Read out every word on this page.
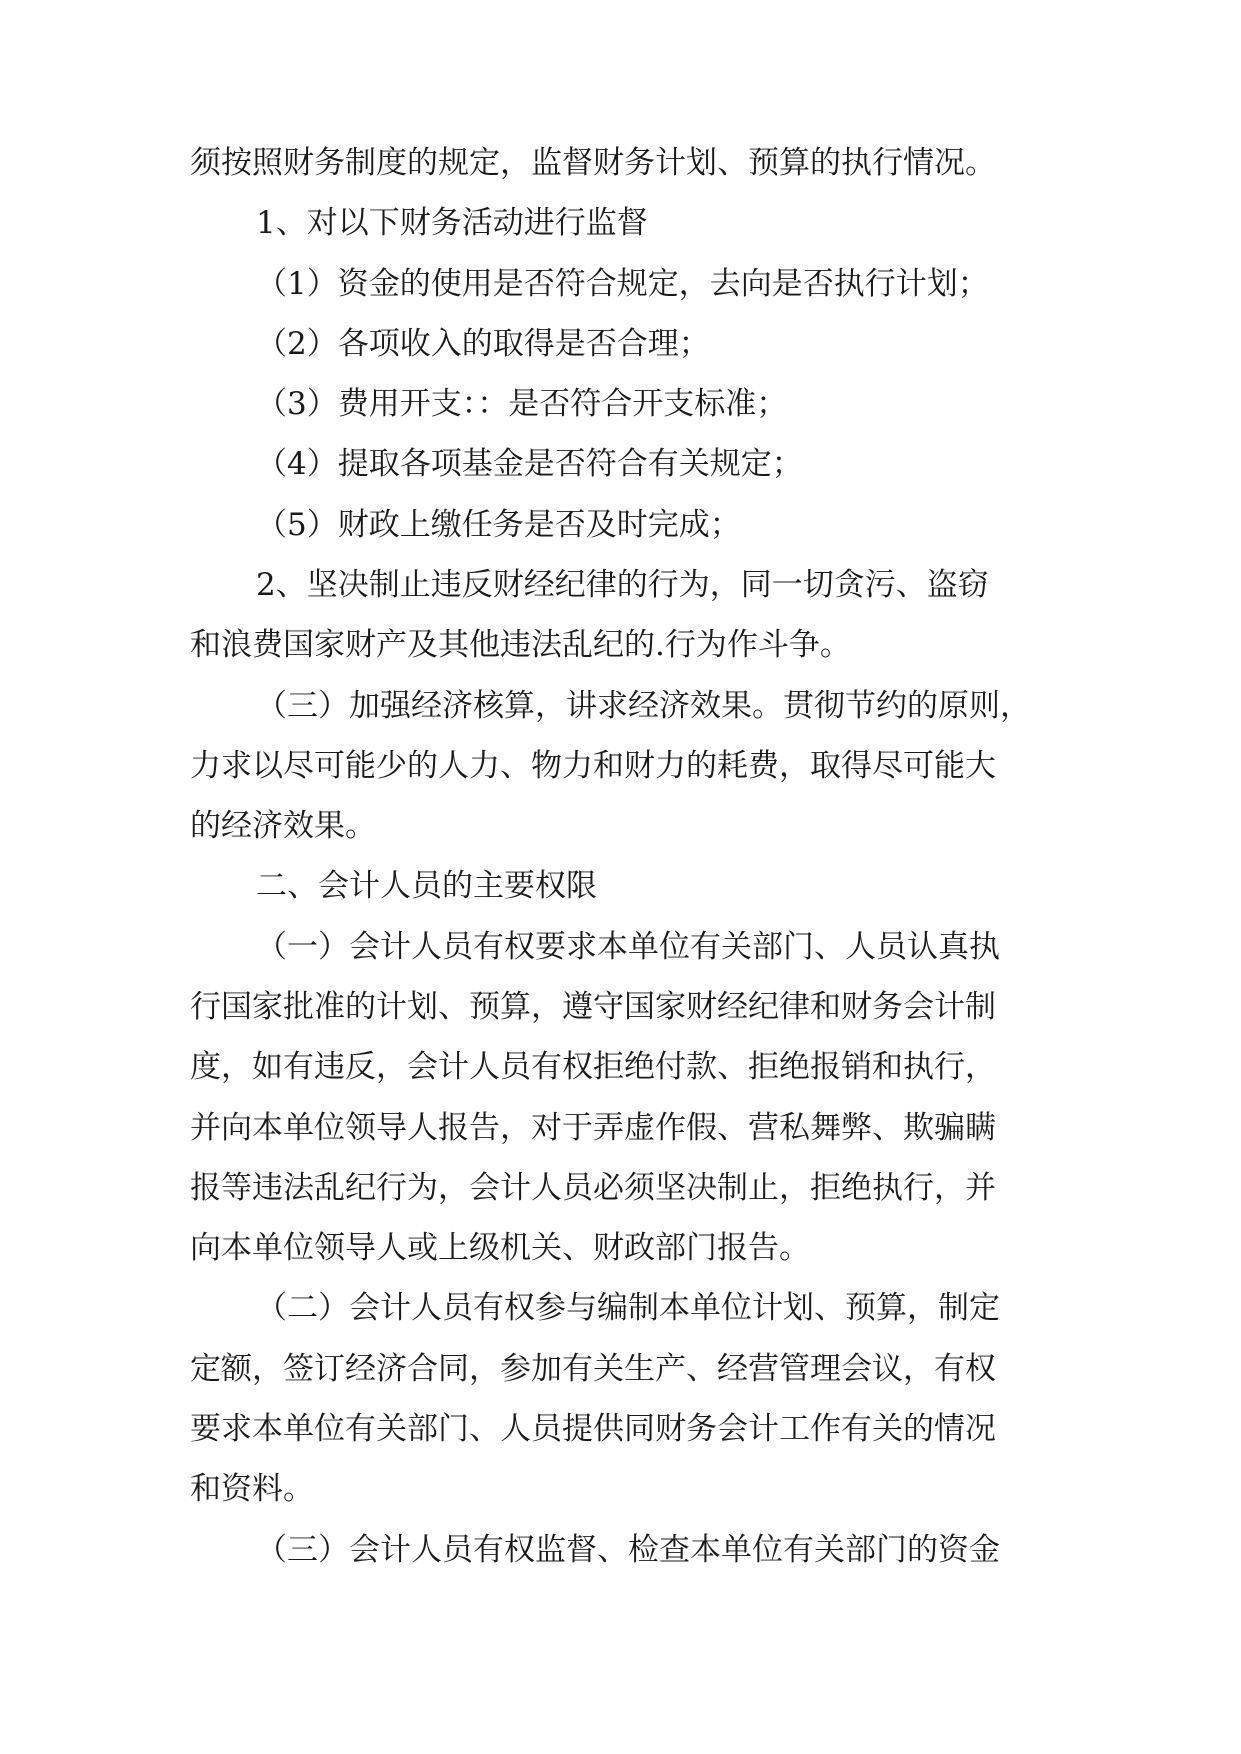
须按照财务制度的规定，监督财务计划、预算的执行情况。
1、对以下财务活动进行监督
（1）资金的使用是否符合规定，去向是否执行计划；
（2）各项收入的取得是否合理；
（3）费用开支：：是否符合开支标准；
（4）提取各项基金是否符合有关规定；
（5）财政上缴任务是否及时完成；
2、坚决制止违反财经纪律的行为，同一切贪污、盗窃
和浪费国家财产及其他违法乱纪的.行为作斗争。
（三）加强经济核算，讲求经济效果。贯彻节约的原则，
力求以尽可能少的人力、物力和财力的耗费，取得尽可能大
的经济效果。
二、会计人员的主要权限
（一）会计人员有权要求本单位有关部门、人员认真执
行国家批准的计划、预算，遵守国家财经纪律和财务会计制
度，如有违反，会计人员有权拒绝付款、拒绝报销和执行，
并向本单位领导人报告，对于弄虚作假、营私舞弊、欺骗瞒
报等违法乱纪行为，会计人员必须坚决制止，拒绝执行，并
向本单位领导人或上级机关、财政部门报告。
（二）会计人员有权参与编制本单位计划、预算，制定
定额，签订经济合同，参加有关生产、经营管理会议，有权
要求本单位有关部门、人员提供同财务会计工作有关的情况
和资料。
（三）会计人员有权监督、检查本单位有关部门的资金
